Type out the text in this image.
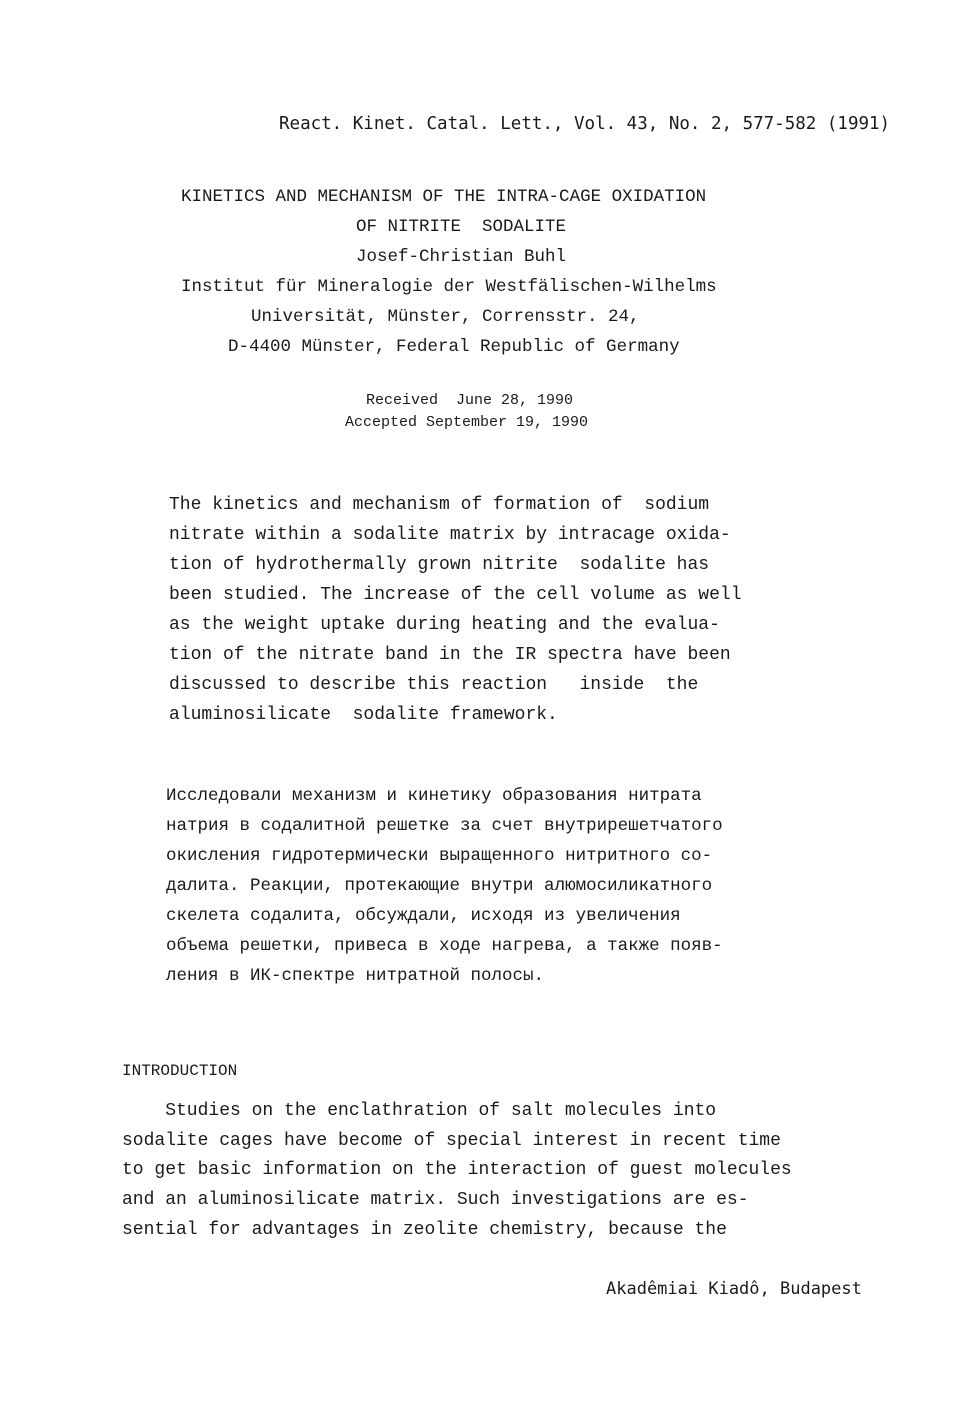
React. Kinet. Catal. Lett., Vol. 43, No. 2, 577-582 (1991)
KINETICS AND MECHANISM OF THE INTRA-CAGE OXIDATION
OF NITRITE  SODALITE
Josef-Christian Buhl
Institut für Mineralogie der Westfälischen-Wilhelms
Universität, Münster, Corrensstr. 24,
D-4400 Münster, Federal Republic of Germany
Received  June 28, 1990
Accepted September 19, 1990
The kinetics and mechanism of formation of  sodium
nitrate within a sodalite matrix by intracage oxida-
tion of hydrothermally grown nitrite  sodalite has
been studied. The increase of the cell volume as well
as the weight uptake during heating and the evalua-
tion of the nitrate band in the IR spectra have been
discussed to describe this reaction   inside  the
aluminosilicate  sodalite framework.
Исследовали механизм и кинетику образования нитрата
натрия в содалитной решетке за счет внутрирешетчатого
окисления гидротермически выращенного нитритного со-
далита. Реакции, протекающие внутри алюмосиликатного
скелета содалита, обсуждали, исходя из увеличения
объема решетки, привеса в ходе нагрева, а также появ-
ления в ИК-спектре нитратной полосы.
INTRODUCTION
Studies on the enclathration of salt molecules into
sodalite cages have become of special interest in recent time
to get basic information on the interaction of guest molecules
and an aluminosilicate matrix. Such investigations are es-
sential for advantages in zeolite chemistry, because the
Akadêmiai Kiadô, Budapest
